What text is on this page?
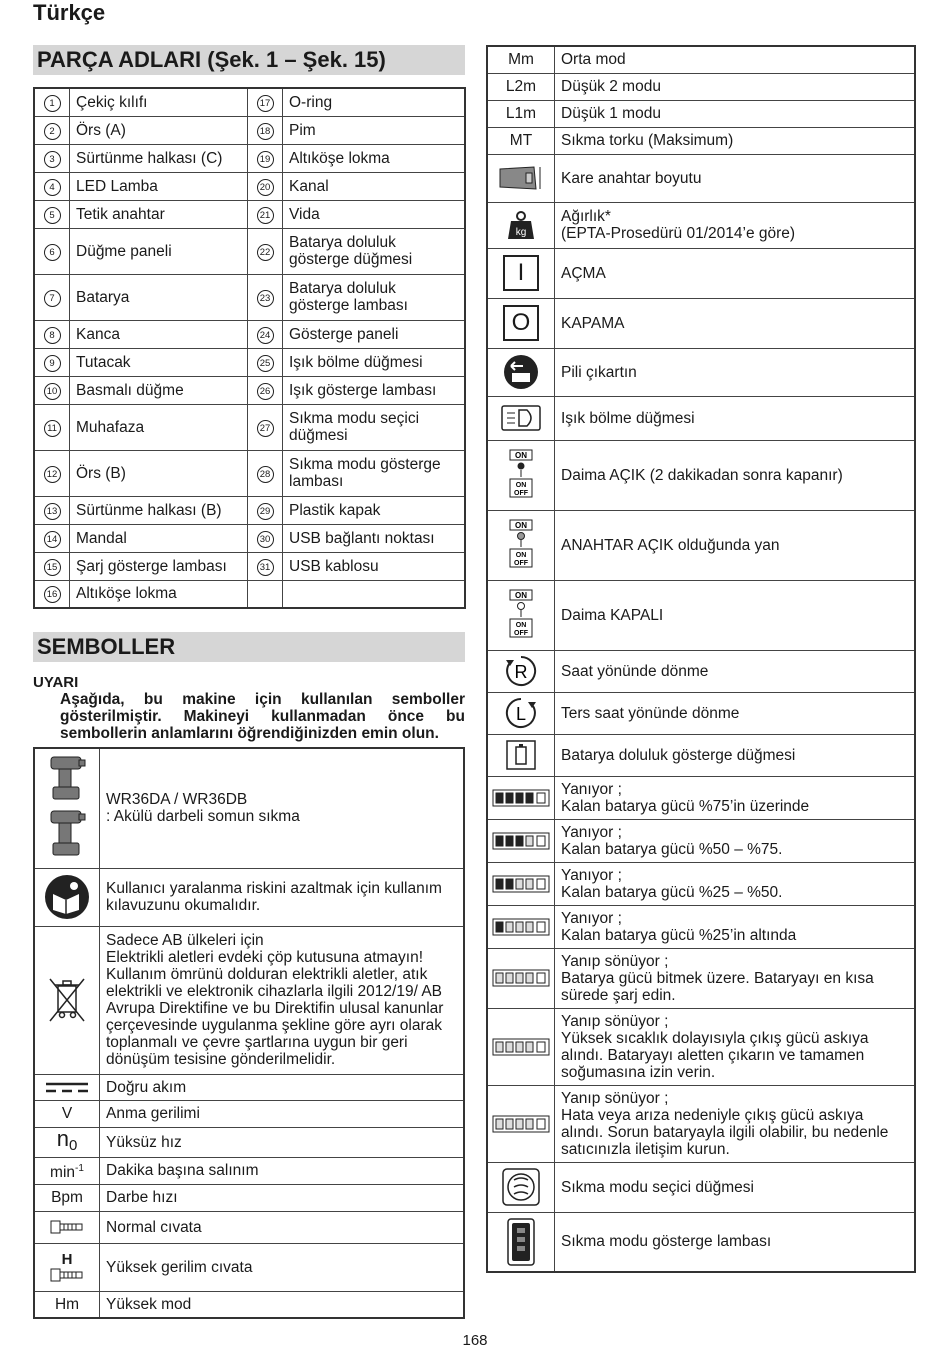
Türkçe
PARÇA ADLARI (Şek. 1 – Şek. 15)
1	Çekiç kılıfı	17	O-ring
2	Örs (A)	18	Pim
3	Sürtünme halkası (C)	19	Altıköşe lokma
4	LED Lamba	20	Kanal
5	Tetik anahtar	21	Vida
6	Düğme paneli	22	Batarya doluluk gösterge düğmesi
7	Batarya	23	Batarya doluluk gösterge lambası
8	Kanca	24	Gösterge paneli
9	Tutacak	25	Işık bölme düğmesi
10	Basmalı düğme	26	Işık gösterge lambası
11	Muhafaza	27	Sıkma modu seçici düğmesi
12	Örs (B)	28	Sıkma modu gösterge lambası
13	Sürtünme halkası (B)	29	Plastik kapak
14	Mandal	30	USB bağlantı noktası
15	Şarj gösterge lambası	31	USB kablosu
16	Altıköşe lokma		
SEMBOLLER
UYARI
Aşağıda, bu makine için kullanılan semboller gösterilmiştir. Makineyi kullanmadan önce bu sembollerin anlamlarını öğrendiğinizden emin olun.

WR36DA / WR36DB
: Akülü darbeli somun sıkma

	Kullanıcı yaralanma riskini azaltmak için kullanım kılavuzunu okumalıdır.

Sadece AB ülkeleri için
Elektrikli aletleri evdeki çöp kutusuna atmayın! Kullanım ömrünü dolduran elektrikli aletler, atık elektrikli ve elektronik cihazlarla ilgili 2012/19/ AB Avrupa Direktifine ve bu Direktifin ulusal kanunlar çerçevesinde uygulanma şekline göre ayrı olarak toplanmalı ve çevre şartlarına uygun bir geri dönüşüm tesisine gönderilmelidir.

	Doğru akım
V	Anma gerilimi
$n_0$	Yüksüz hız
$\min^{-1}$	Dakika başına salınım
Bpm	Darbe hızı

	Normal cıvata

H	Yüksek gerilim cıvata
Hm	Yüksek mod
Mm	Orta mod
L2m	Düşük 2 modu
L1m	Düşük 1 modu
MT	Sıkma torku (Maksimum)

	Kare anahtar boyutu

kg	Ağırlık*
(EPTA-Prosedürü 01/2014’e göre)

I	AÇMA

O	KAPAMA

	Pili çıkartın

	Işık bölme düğmesi

ON
ON
OFF	Daima AÇIK (2 dakikadan sonra kapanır)

ON
ON
OFF	ANAHTAR AÇIK olduğunda yan

ON
ON
OFF	Daima KAPALI

R	Saat yönünde dönme

L	Ters saat yönünde dönme

	Batarya doluluk gösterge düğmesi

Yanıyor ;
Kalan batarya gücü %75’in üzerinde

Yanıyor ;
Kalan batarya gücü %50 – %75.

Yanıyor ;
Kalan batarya gücü %25 – %50.

Yanıyor ;
Kalan batarya gücü %25’in altında

Yanıp sönüyor ;
Batarya gücü bitmek üzere. Bataryayı en kısa sürede şarj edin.

Yanıp sönüyor ;
Yüksek sıcaklık dolayısıyla çıkış gücü askıya alındı. Bataryayı aletten çıkarın ve tamamen soğumasına izin verin.

Yanıp sönüyor ;
Hata veya arıza nedeniyle çıkış gücü askıya alındı. Sorun bataryayla ilgili olabilir, bu nedenle satıcınızla iletişim kurun.

	Sıkma modu seçici düğmesi

	Sıkma modu gösterge lambası
168
